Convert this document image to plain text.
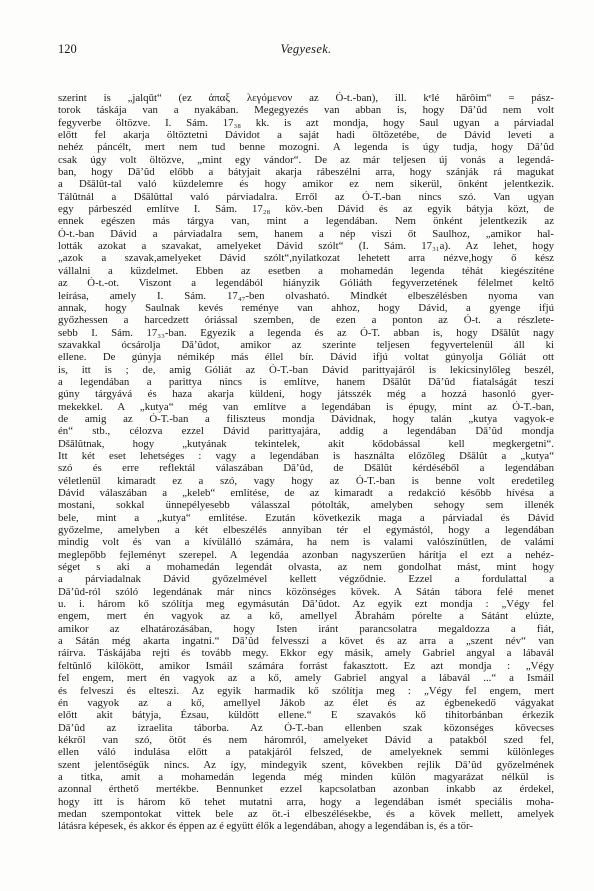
120	Vegyesek.
szerint is „jalqūt“ (ez ἀπαξ λεγόμενον az Ó-t.-ban), ill. kᵉlé hārôim“ = pász-
torok táskája van a nyakában. Megegyezés van abban is, hogy Dā’ûd nem volt
fegyverbe öltözve. I. Sám. 17₃₈ kk. is azt mondja, hogy Saul ugyan a párviadal
előtt fel akarja öltöztetni Dávidot a saját hadi öltözetébe, de Dávid leveti a
nehéz páncélt, mert nem tud benne mozogni. A legenda is úgy tudja, hogy Dā’ûd
csak úgy volt öltözve, „mint egy vándor“. De az már teljesen új vonás a legendá-
ban, hogy Dā’ûd előbb a bátyjait akarja rábeszélni arra, hogy szánják rá magukat
a Dšālût-tal való küzdelemre és hogy amikor ez nem sikerül, önként jelentkezik.
Tálûtnál a Dšālûttal való párviadalra. Erről az Ó-T.-ban nincs szó. Van ugyan
egy párbeszéd említve I. Sám. 17₂₈ köv.-ben Dávid és az egyik bátyja közt, de
ennek egészen más tárgya van, mint a legendában. Nem önként jelentkezik az
Ó-t.-ban Dávid a párviadalra sem, hanem a nép viszi őt Saulhoz, „amikor hal-
lották azokat a szavakat, amelyeket Dávid szólt“ (I. Sám. 17₃₁a). Az lehet, hogy
„azok a szavak,amelyeket Dávid szólt“,nyilatkozat lehetett arra nézve,hogy ő kész
vállalni a küzdelmet. Ebben az esetben a mohamedán legenda téhát kiegészíténe
az Ó-t.-ot. Viszont a legendából hiányzik Góliáth fegyverzetének félelmet keltő
leírása, amely I. Sám. 17₄₇-ben olvasható. Mindkét elbeszélésben nyoma van
annak, hogy Saulnak kevés reménye van ahhoz, hogy Dávid, a gyenge ifjú
győzhessen a harcedzett óriással szemben, de ezen a ponton az Ó-t. a részlete-
sebb I. Sám. 17₃₃-ban. Egyezik a legenda és az Ó-T. abban is, hogy Dšālût nagy
szavakkal ócsárolja Dā’ûdot, amikor az szerinte teljesen fegyvertelenül áll ki
ellene. De gúnyja némikép más éllel bír. Dávid ifjú voltat gúnyolja Góliát ott
is, itt is ; de, amig Góliát az Ó-T.-ban Dávid parittyajáról is lekicsinylőleg beszél,
a legendában a parittya nincs is említve, hanem Dšālût Dā’ûd fiatalságát teszi
gúny tárgyává és haza akarja küldeni, hogy játsszék még a hozzá hasonló gyer-
mekekkel. A „kutya“ még van említve a legendában is épugy, mint az Ó-T.-ban,
de amig az Ó-T.-ban a filiszteus mondja Dávidnak, hogy talán „kutya vagyok-e
én“ stb., célozva ezzel Dávid parittyajára, addig a legendában Dā’ûd mondja
Dšālûtnak, hogy „kutyának tekintelek, akit kődobással kell megkergetni“.
Itt két eset lehetséges : vagy a legendában is használta előzőleg Dšālût a „kutya“
szó és erre reflektál válaszában Dā’ûd, de Dšālût kérdéséből a legendában
véletlenül kimaradt ez a szó, vagy hogy az Ó-T.-ban is benne volt eredetileg
Dávid válaszában a „keleb“ említése, de az kimaradt a redakció később hívésa a
mostani, sokkal ünnepélyesebb válasszal pótolták, amelyben sehogy sem illenék
bele, mint a „kutya“ említése. Ezután következik maga a párviadal és Dávid
győzelme, amelyben a két elbeszélés annyiban tér el egymástól, hogy a legendában
mindig volt és van a kívülálló számára, ha nem is valami valószínűtlen, de valámi
meglepőbb fejleményt szerepel. A legendáa azonban nagyszerűen hárítja el ezt a nehéz-
séget s aki a mohamedán legendát olvasta, az nem gondolhat mást, mint hogy
a párviadalnak Dávid győzelmével kellett végződnie. Ezzel a fordulattal a
Dā’ûd-ról szóló legendának már nincs közönséges kövek. A Sátán tábora felé menet
u. i. három kő szólítja meg egymásután Dā’ûdot. Az egyik ezt mondja : „Végy fel
engem, mert én vagyok az a kő, amellyel Ābrahám pórelte a Sátánt elúzte,
amikor az elhatározásában, hogy Isten iránt parancsolatra megaldozza a fiát,
a Sátán még akarta ingatni.“ Dā’ûd felvesszi a követ és az arra a „szent név“ van
ráírva. Táskájába rejti és tovább megy. Ekkor egy másik, amely Gabriel angyal a lábavál
feltûnlő kilökött, amikor Ismáil számára forrást fakasztott. Ez azt mondja : „Végy
fel engem, mert én vagyok az a kő, amely Gabriel angyal a lábavál ...“ a Ismáil
és felveszi és elteszi. Az egyik harmadik kő szólítja meg : „Végy fel engem, mert
én vagyok az a kő, amellyel Jákob az élet és az égbenekedő vágyakat
előtt akit bátyja, Ézsau, küldött ellene.“ E szavakós kő tihitorbánban érkezik
Dā’ûd az izraelita táborba. Az Ó-T.-ban ellenben szak közonséges kövecses
kékről van szó, ötöt és nem háromról, amelyeket Dávid a patakból szed fel,
ellen váló indulása előtt a patakjáról felszed, de amelyeknek semmi különleges
szent jelentőségük nincs. Az így, mindegyik szent, kövekben rejlik Dā’ûd győzelmének
a titka, amit a mohamedán legenda még minden külön magyarázat nélkül is
azonnal érthető mertékbe. Bennunket ezzel kapcsolatban azonban inkabb az érdekel,
hogy itt is három kő tehet mutatni arra, hogy a legendában ismét speciális moha-
medan szempontokat vittek bele az öt.-i elbeszélésekbe, és a kövek mellett, amelyek
látásra képesek, és akkor és éppen az é együtt élők a legendában, ahogy a legendában is, és a tör-
